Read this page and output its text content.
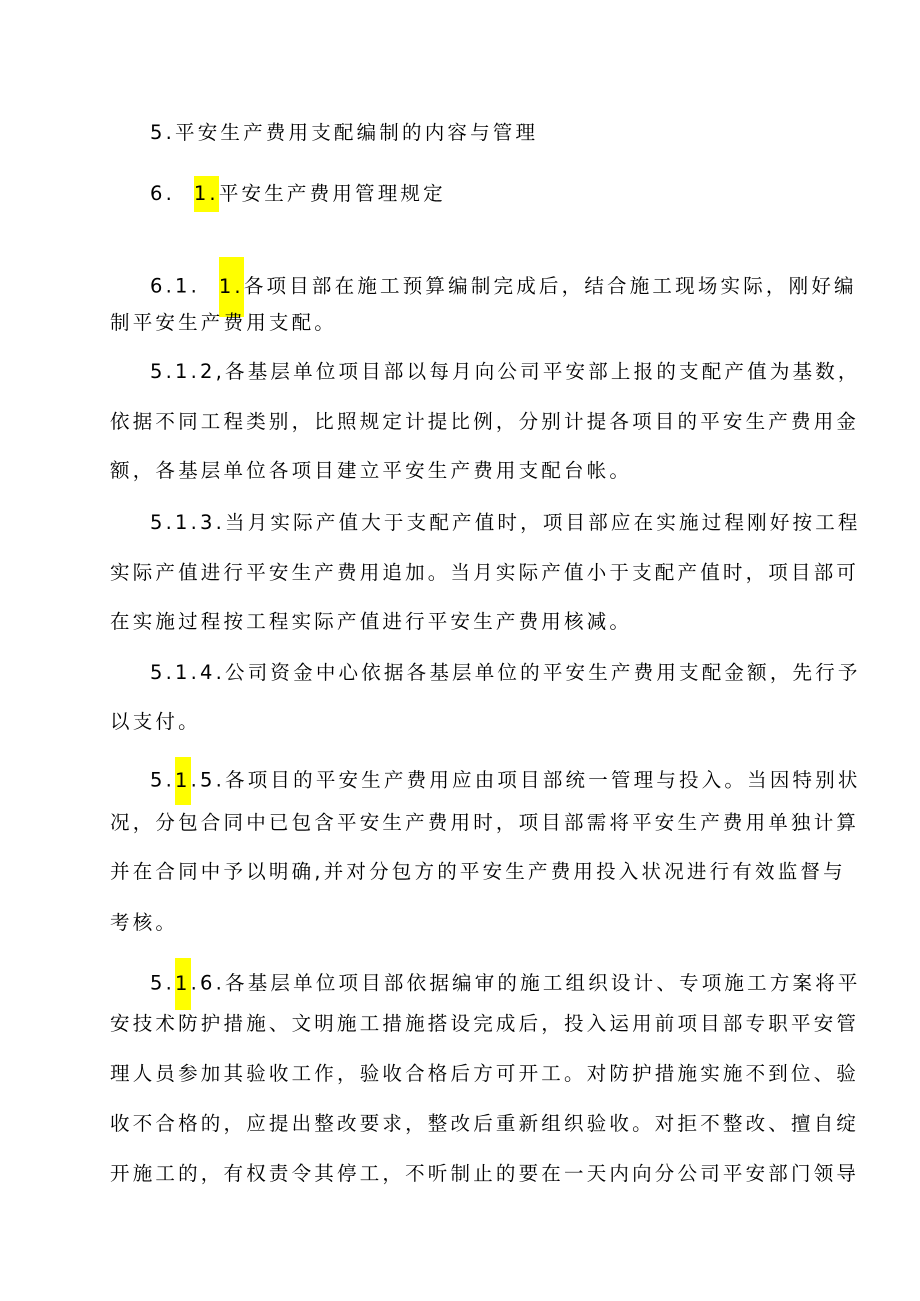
5.平安生产费用支配编制的内容与管理
6.  1.平安生产费用管理规定
6.1.  1.各项目部在施工预算编制完成后，结合施工现场实际，刚好编
制平安生产费用支配。
5.1.2,各基层单位项目部以每月向公司平安部上报的支配产值为基数，
依据不同工程类别，比照规定计提比例，分别计提各项目的平安生产费用金
额，各基层单位各项目建立平安生产费用支配台帐。
5.1.3.当月实际产值大于支配产值时，项目部应在实施过程刚好按工程
实际产值进行平安生产费用追加。当月实际产值小于支配产值时，项目部可
在实施过程按工程实际产值进行平安生产费用核减。
5.1.4.公司资金中心依据各基层单位的平安生产费用支配金额，先行予
以支付。
5.1.5.各项目的平安生产费用应由项目部统一管理与投入。当因特别状
况，分包合同中已包含平安生产费用时，项目部需将平安生产费用单独计算
并在合同中予以明确,并对分包方的平安生产费用投入状况进行有效监督与
考核。
5.1.6.各基层单位项目部依据编审的施工组织设计、专项施工方案将平
安技术防护措施、文明施工措施搭设完成后，投入运用前项目部专职平安管
理人员参加其验收工作，验收合格后方可开工。对防护措施实施不到位、验
收不合格的，应提出整改要求，整改后重新组织验收。对拒不整改、擅自绽
开施工的，有权责令其停工，不听制止的要在一天内向分公司平安部门领导
